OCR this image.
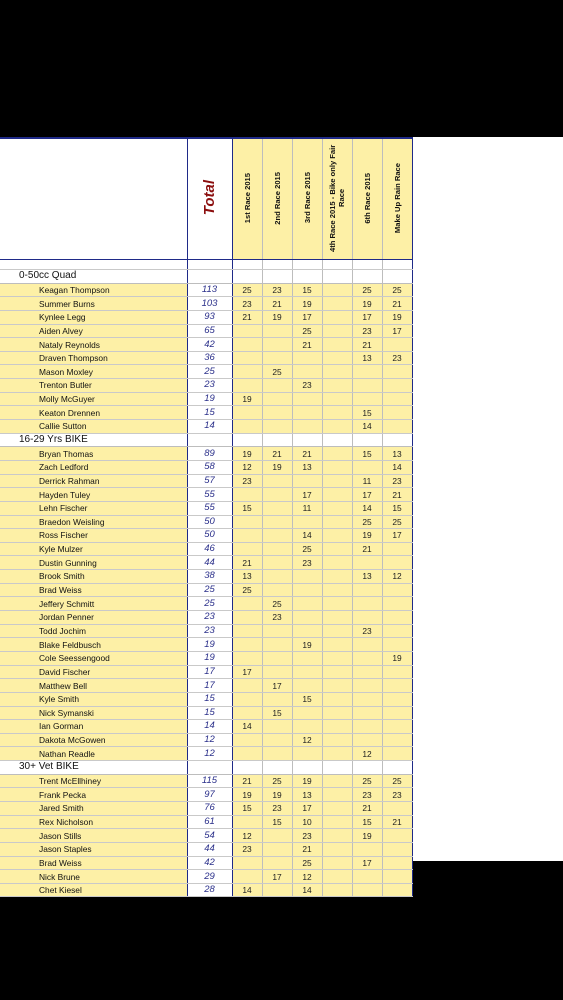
	Total	1st Race 2015	2nd Race 2015	3rd Race 2015	4th Race 2015 - Bike only Fair Race	6th Race 2015	Make Up Rain Race

0-50cc Quad							
Keagan Thompson	113	25	23	15		25	25
Summer Burns	103	23	21	19		19	21
Kynlee Legg	93	21	19	17		17	19
Aiden Alvey	65			25		23	17
Nataly Reynolds	42			21		21	
Draven Thompson	36					13	23
Mason Moxley	25		25				
Trenton Butler	23			23			
Molly McGuyer	19	19					
Keaton Drennen	15					15	
Callie Sutton	14					14	
16-29 Yrs BIKE							
Bryan Thomas	89	19	21	21		15	13
Zach Ledford	58	12	19	13			14
Derrick Rahman	57	23				11	23
Hayden Tuley	55			17		17	21
Lehn Fischer	55	15		11		14	15
Braedon Weisling	50					25	25
Ross Fischer	50			14		19	17
Kyle Mulzer	46			25		21	
Dustin Gunning	44	21		23			
Brook Smith	38	13				13	12
Brad Weiss	25	25					
Jeffery Schmitt	25		25				
Jordan Penner	23		23				
Todd Jochim	23					23	
Blake Feldbusch	19			19			
Cole Seessengood	19						19
David Fischer	17	17					
Matthew Bell	17		17				
Kyle Smith	15			15			
Nick Symanski	15		15				
Ian Gorman	14	14					
Dakota McGowen	12			12			
Nathan Readle	12					12	
30+ Vet BIKE							
Trent McEllhiney	115	21	25	19		25	25
Frank Pecka	97	19	19	13		23	23
Jared Smith	76	15	23	17		21	
Rex Nicholson	61		15	10		15	21
Jason Stills	54	12		23		19	
Jason Staples	44	23		21			
Brad Weiss	42			25		17	
Nick Brune	29		17	12			
Chet Kiesel	28	14		14			
